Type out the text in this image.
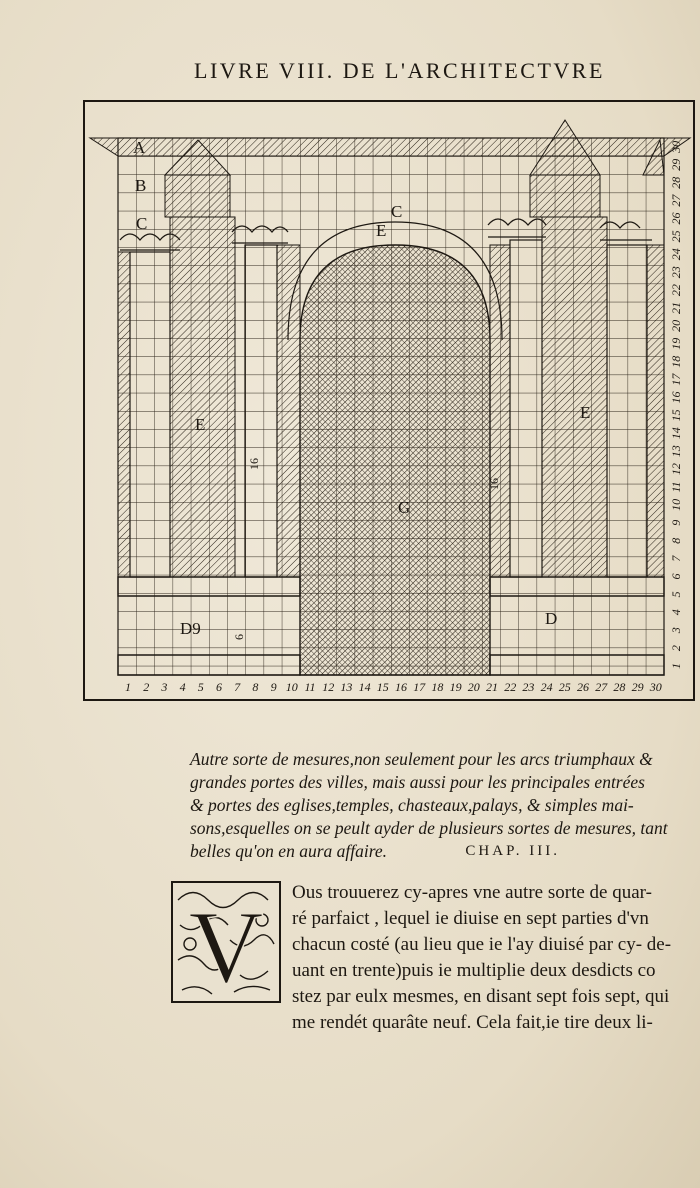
LIVRE VIII. DE L'ARCHITECTVRE
A
B
C
C
E
E
E
G
D9
D
16
16
6
1 2 3 4 5 6 7 8 9 10 11 12 13 14 15 16 17 18 19 20 21 22 23 24 25 26 27 28 29 30
1
2
3
4
5
6
7
8
9
10
11
12
13
14
15
16
17
18
19
20
21
22
23
24
25
26
27
28
29
30
Autre sorte de mesures,non seulement pour les arcs triumphaux &
grandes portes des villes, mais aussi pour les principales entrées
& portes des eglises,temples, chasteaux,palays, & simples mai-
sons,esquelles on se peult ayder de plusieurs sortes de mesures, tant
belles qu'on en aura affaire.	CHAP. III.
V Ous trouuerez cy-apres vne autre sorte de quar-
ré parfaict , lequel ie diuise en sept parties d'vn
chacun costé (au lieu que ie l'ay diuisé par cy- de-
uant en trente)puis ie multiplie deux desdicts co
stez par eulx mesmes, en disant sept fois sept, qui
me rendét quarâte neuf. Cela fait,ie tire deux li-
